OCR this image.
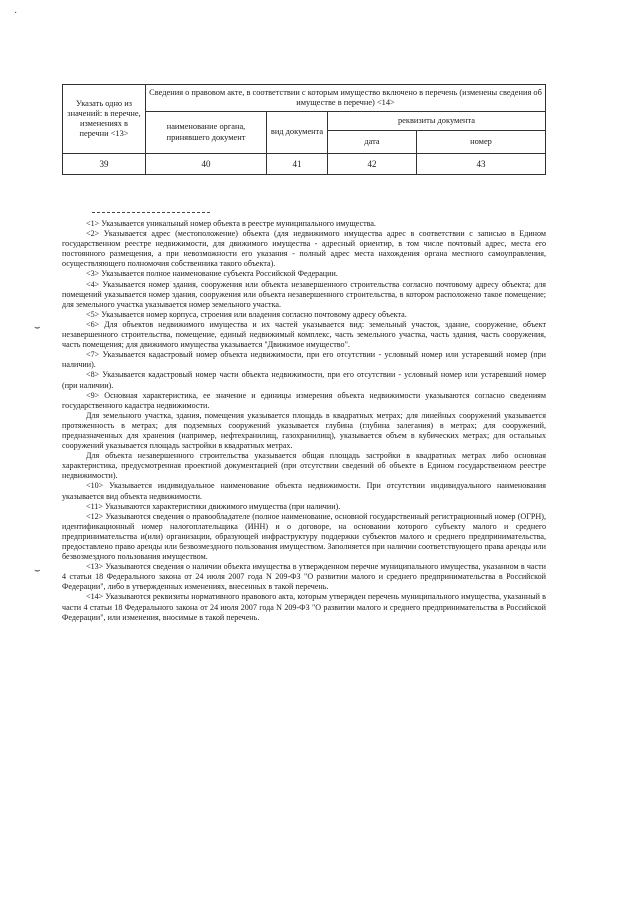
·
⌣
⌣
Указать одно из значений: в перечне, изменениях в перечни <13>	Сведения о правовом акте, в соответствии с которым имущество включено в перечень (изменены сведения об имуществе в перечне) <14>			
	наименование органа, принявшего документ	вид документа	реквизиты документа	
			дата	номер
39	40	41	42	43

<1> Указывается уникальный номер объекта в реестре муниципального имущества.

<2> Указывается адрес (местоположение) объекта (для недвижимого имущества адрес в соответствии с записью в Едином государственном реестре недвижимости, для движимого имущества - адресный ориентир, в том числе почтовый адрес, места его постоянного размещения, а при невозможности его указания - полный адрес места нахождения органа местного самоуправления, осуществляющего полномочия собственника такого объекта).

<3> Указывается полное наименование субъекта Российской Федерации.

<4> Указывается номер здания, сооружения или объекта незавершенного строительства согласно почтовому адресу объекта; для помещений указывается номер здания, сооружения или объекта незавершенного строительства, в котором расположено такое помещение; для земельного участка указывается номер земельного участка.

<5> Указывается номер корпуса, строения или владения согласно почтовому адресу объекта.

<6> Для объектов недвижимого имущества и их частей указывается вид: земельный участок, здание, сооружение, объект незавершенного строительства, помещение, единый недвижимый комплекс, часть земельного участка, часть здания, часть сооружения, часть помещения; для движимого имущества указывается "Движимое имущество".

<7> Указывается кадастровый номер объекта недвижимости, при его отсутствии - условный номер или устаревший номер (при наличии).

<8> Указывается кадастровый номер части объекта недвижимости, при его отсутствии - условный номер или устаревший номер (при наличии).

<9> Основная характеристика, ее значение и единицы измерения объекта недвижимости указываются согласно сведениям государственного кадастра недвижимости.

Для земельного участка, здания, помещения указывается площадь в квадратных метрах; для линейных сооружений указывается протяженность в метрах; для подземных сооружений указывается глубина (глубина залегания) в метрах; для сооружений, предназначенных для хранения (например, нефтехранилищ, газохранилищ), указывается объем в кубических метрах; для остальных сооружений указывается площадь застройки в квадратных метрах.

Для объекта незавершенного строительства указывается общая площадь застройки в квадратных метрах либо основная характеристика, предусмотренная проектной документацией (при отсутствии сведений об объекте в Едином государственном реестре недвижимости).

<10> Указывается индивидуальное наименование объекта недвижимости. При отсутствии индивидуального наименования указывается вид объекта недвижимости.

<11> Указываются характеристики движимого имущества (при наличии).

<12> Указываются сведения о правообладателе (полное наименование, основной государственный регистрационный номер (ОГРН), идентификационный номер налогоплательщика (ИНН) и о договоре, на основании которого субъекту малого и среднего предпринимательства и(или) организации, образующей инфраструктуру поддержки субъектов малого и среднего предпринимательства, предоставлено право аренды или безвозмездного пользования имуществом. Заполняется при наличии соответствующего права аренды или безвозмездного пользования имуществом.

<13> Указываются сведения о наличии объекта имущества в утвержденном перечне муниципального имущества, указанном в части 4 статьи 18 Федерального закона от 24 июля 2007 года N 209-ФЗ "О развитии малого и среднего предпринимательства в Российской Федерации", либо в утвержденных изменениях, внесенных в такой перечень.

<14> Указываются реквизиты нормативного правового акта, которым утвержден перечень муниципального имущества, указанный в части 4 статьи 18 Федерального закона от 24 июля 2007 года N 209-ФЗ "О развитии малого и среднего предпринимательства в Российской Федерации", или изменения, вносимые в такой перечень.
